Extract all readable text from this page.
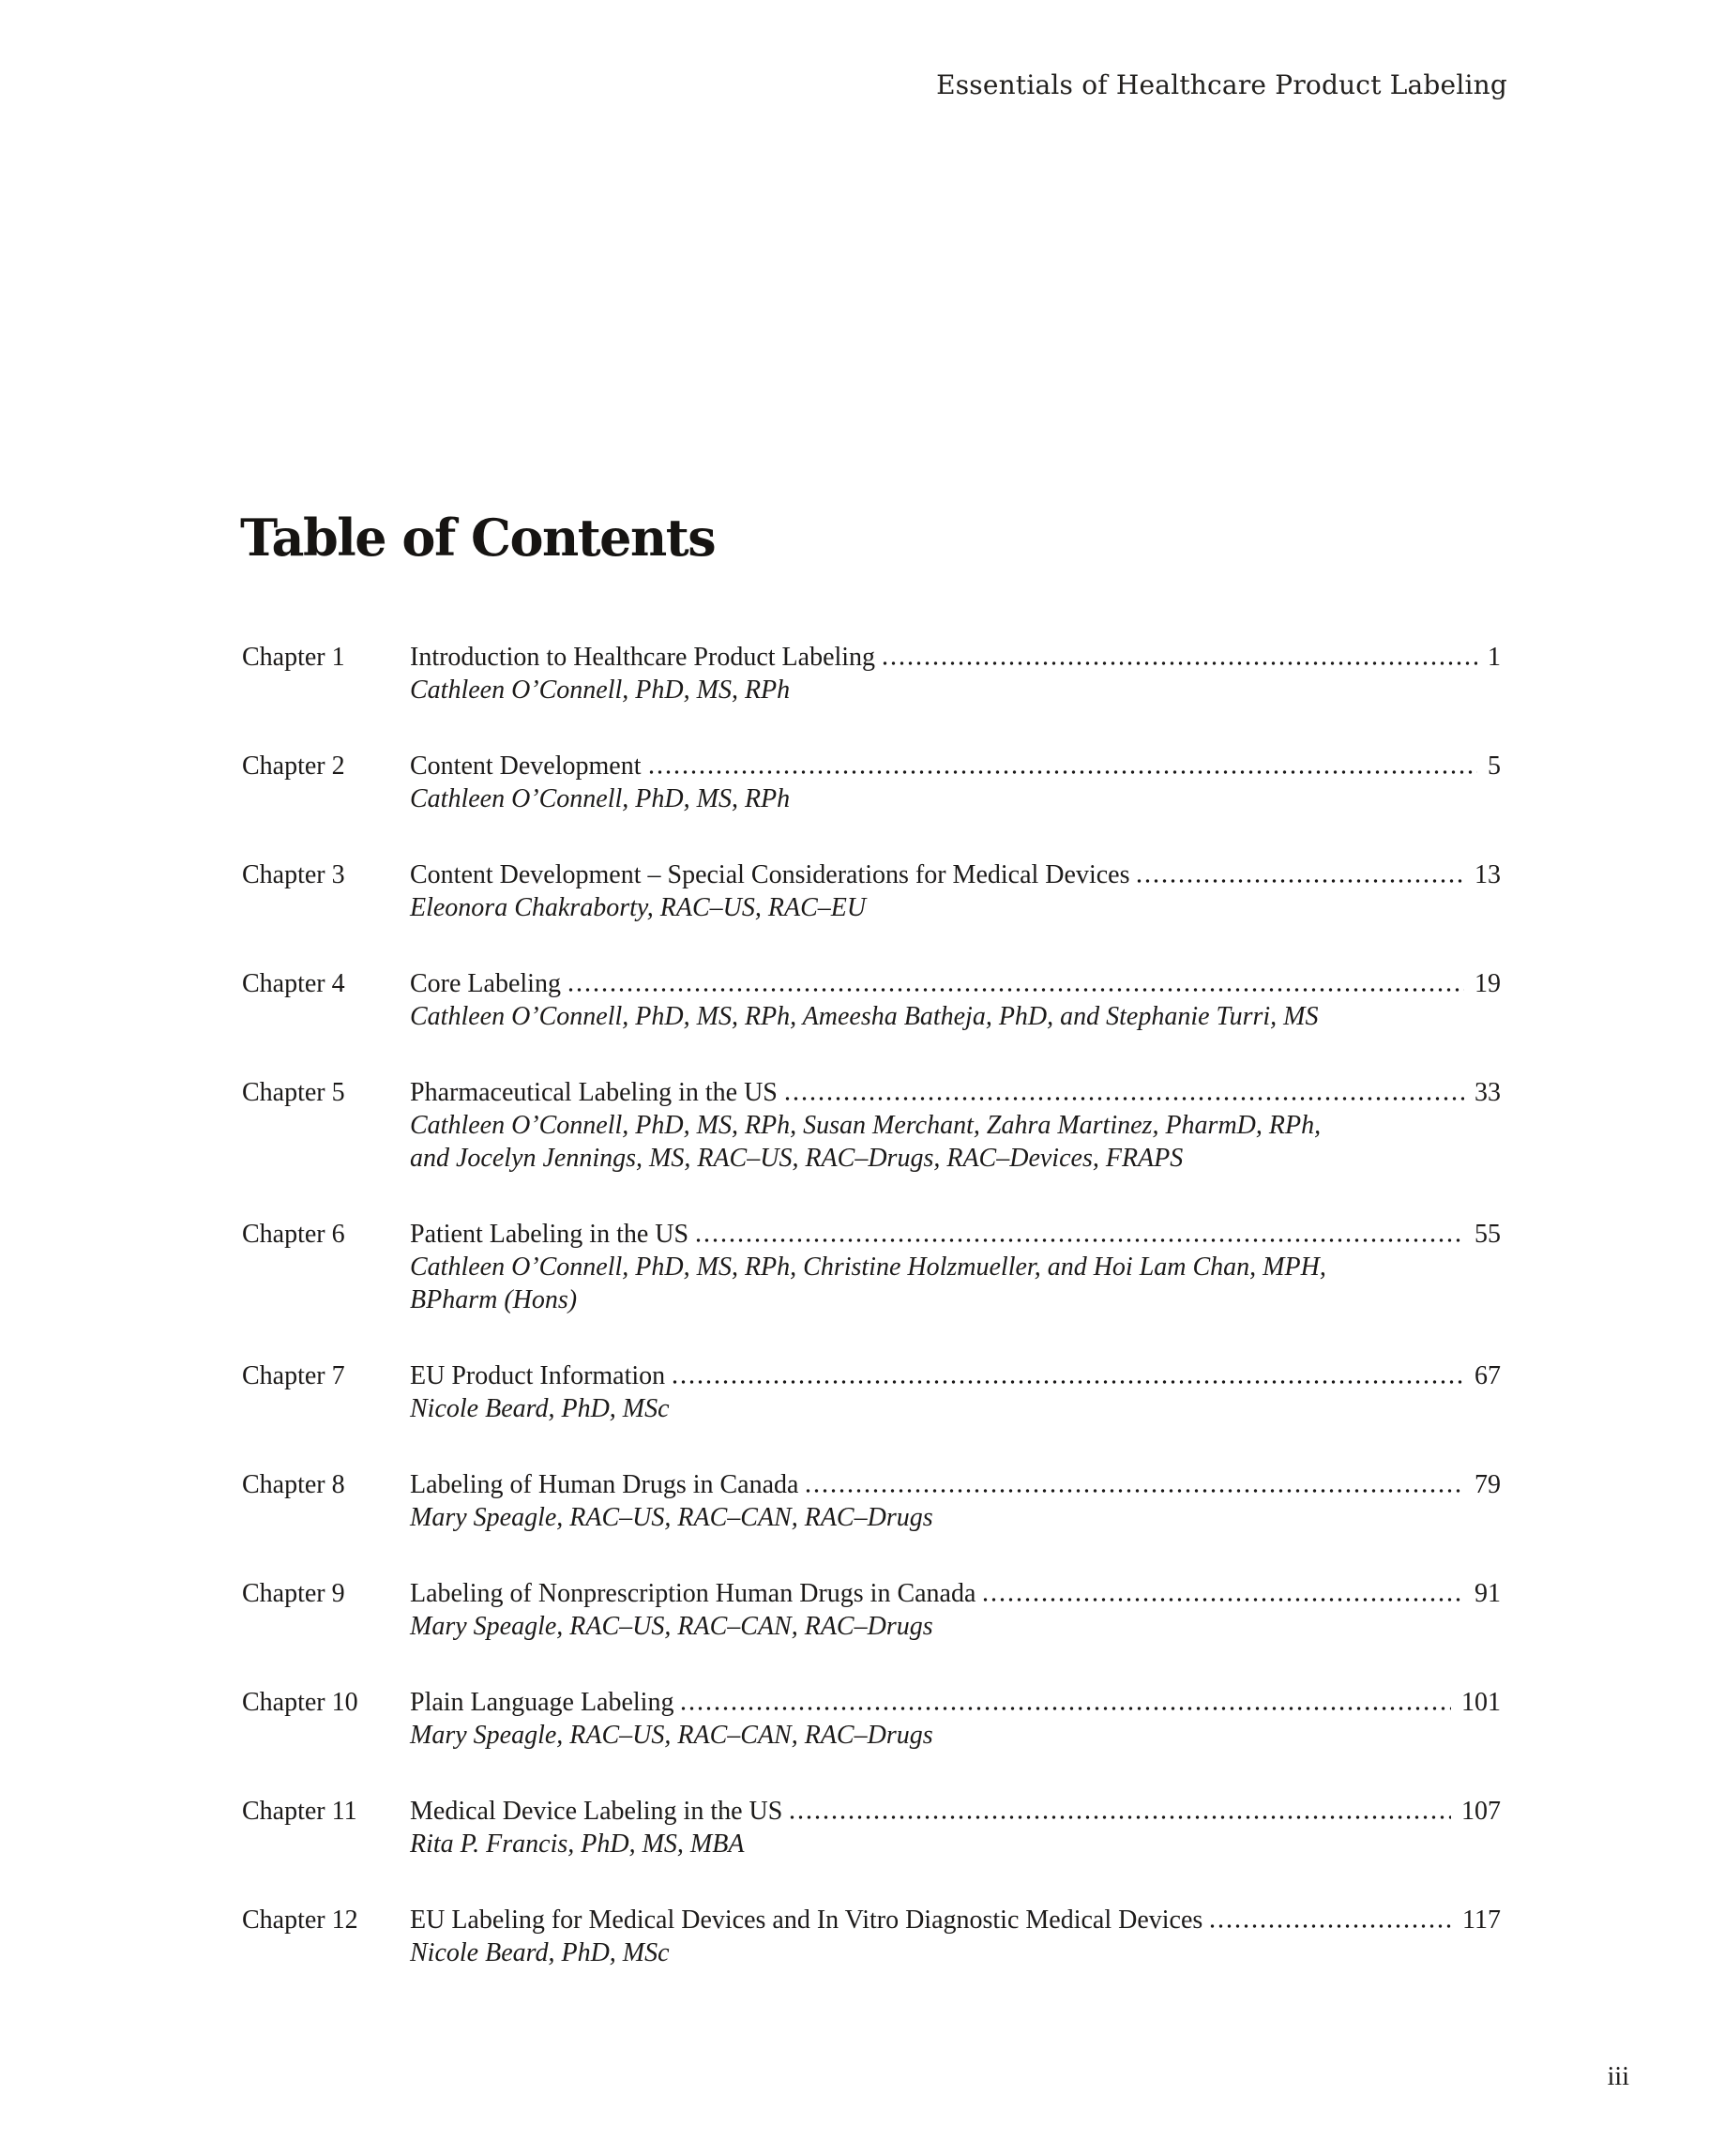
Essentials of Healthcare Product Labeling
Table of Contents
Chapter 1	Introduction to Healthcare Product Labeling	1
Cathleen O’Connell, PhD, MS, RPh
Chapter 2	Content Development	5
Cathleen O’Connell, PhD, MS, RPh
Chapter 3	Content Development – Special Considerations for Medical Devices	13
Eleonora Chakraborty, RAC–US, RAC–EU
Chapter 4	Core Labeling	19
Cathleen O’Connell, PhD, MS, RPh, Ameesha Batheja, PhD, and Stephanie Turri, MS
Chapter 5	Pharmaceutical Labeling in the US	33
Cathleen O’Connell, PhD, MS, RPh, Susan Merchant, Zahra Martinez, PharmD, RPh,
and Jocelyn Jennings, MS, RAC–US, RAC–Drugs, RAC–Devices, FRAPS
Chapter 6	Patient Labeling in the US	55
Cathleen O’Connell, PhD, MS, RPh, Christine Holzmueller, and Hoi Lam Chan, MPH,
BPharm (Hons)
Chapter 7	EU Product Information	67
Nicole Beard, PhD, MSc
Chapter 8	Labeling of Human Drugs in Canada	79
Mary Speagle, RAC–US, RAC–CAN, RAC–Drugs
Chapter 9	Labeling of Nonprescription Human Drugs in Canada	91
Mary Speagle, RAC–US, RAC–CAN, RAC–Drugs
Chapter 10	Plain Language Labeling	101
Mary Speagle, RAC–US, RAC–CAN, RAC–Drugs
Chapter 11	Medical Device Labeling in the US	107
Rita P. Francis, PhD, MS, MBA
Chapter 12	EU Labeling for Medical Devices and In Vitro Diagnostic Medical Devices	117
Nicole Beard, PhD, MSc
iii
